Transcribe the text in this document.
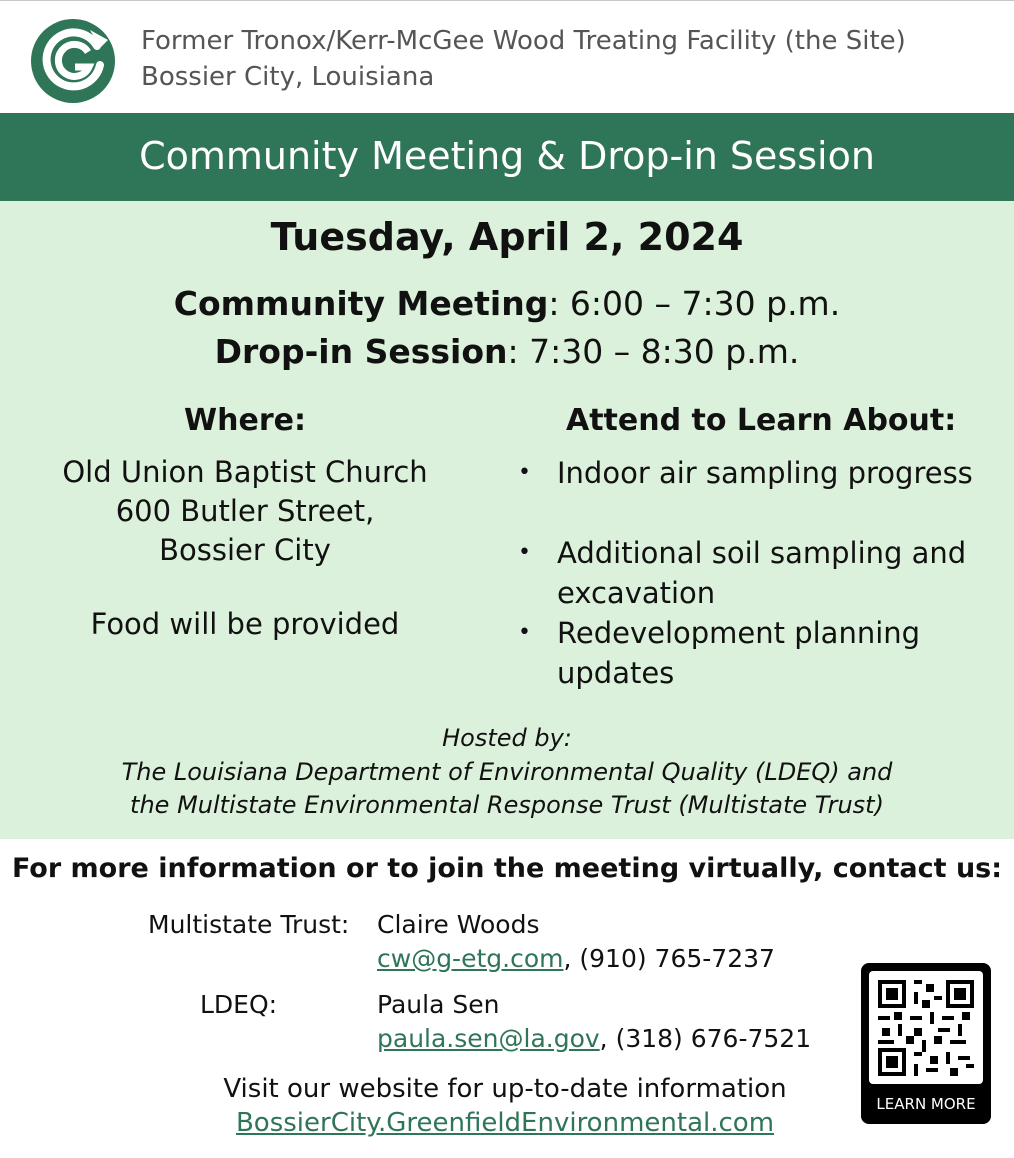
Former Tronox/Kerr-McGee Wood Treating Facility (the Site)
Bossier City, Louisiana
Community Meeting & Drop-in Session
Tuesday, April 2, 2024
Community Meeting: 6:00 – 7:30 p.m.
Drop-in Session: 7:30 – 8:30 p.m.
Where:
Old Union Baptist Church
600 Butler Street,
Bossier City
Food will be provided
Attend to Learn About:
• Indoor air sampling progress
• Additional soil sampling and excavation
• Redevelopment planning updates
Hosted by:
The Louisiana Department of Environmental Quality (LDEQ) and
the Multistate Environmental Response Trust (Multistate Trust)
For more information or to join the meeting virtually, contact us:
Multistate Trust: Claire Woods
cw@g-etg.com, (910) 765-7237
LDEQ:	Paula Sen
paula.sen@la.gov, (318) 676-7521
Visit our website for up-to-date information
BossierCity.GreenfieldEnvironmental.com
LEARN MORE
